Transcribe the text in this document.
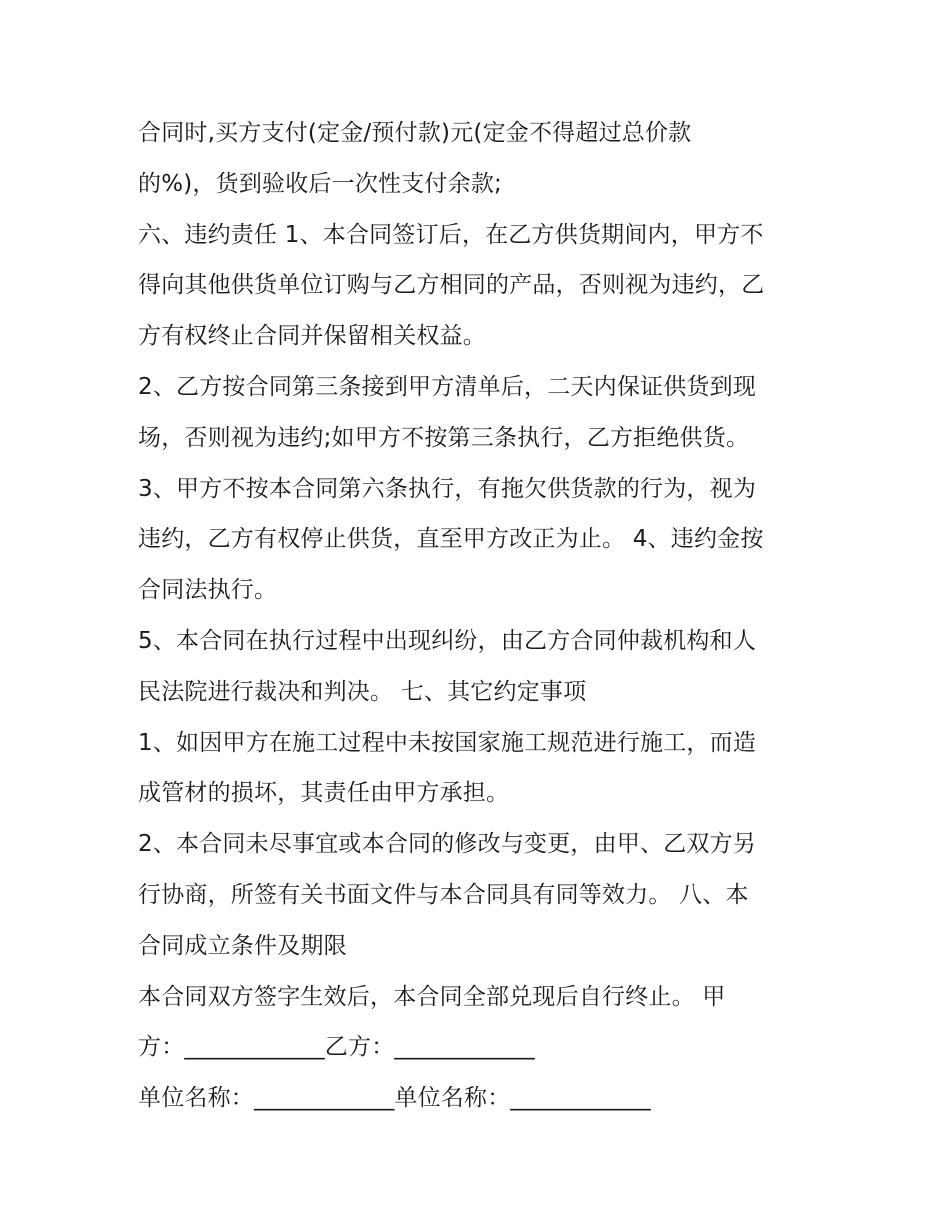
合同时,买方支付(定金/预付款)元(定金不得超过总价款
的%)，货到验收后一次性支付余款;
六、违约责任 1、本合同签订后，在乙方供货期间内，甲方不
得向其他供货单位订购与乙方相同的产品，否则视为违约，乙
方有权终止合同并保留相关权益。
2、乙方按合同第三条接到甲方清单后，二天内保证供货到现
场，否则视为违约;如甲方不按第三条执行，乙方拒绝供货。
3、甲方不按本合同第六条执行，有拖欠供货款的行为，视为
违约，乙方有权停止供货，直至甲方改正为止。 4、违约金按
合同法执行。
5、本合同在执行过程中出现纠纷，由乙方合同仲裁机构和人
民法院进行裁决和判决。 七、其它约定事项
1、如因甲方在施工过程中未按国家施工规范进行施工，而造
成管材的损坏，其责任由甲方承担。
2、本合同未尽事宜或本合同的修改与变更，由甲、乙双方另
行协商，所签有关书面文件与本合同具有同等效力。 八、本
合同成立条件及期限
本合同双方签字生效后，本合同全部兑现后自行终止。 甲
方：____________乙方：____________
单位名称：____________单位名称：____________
